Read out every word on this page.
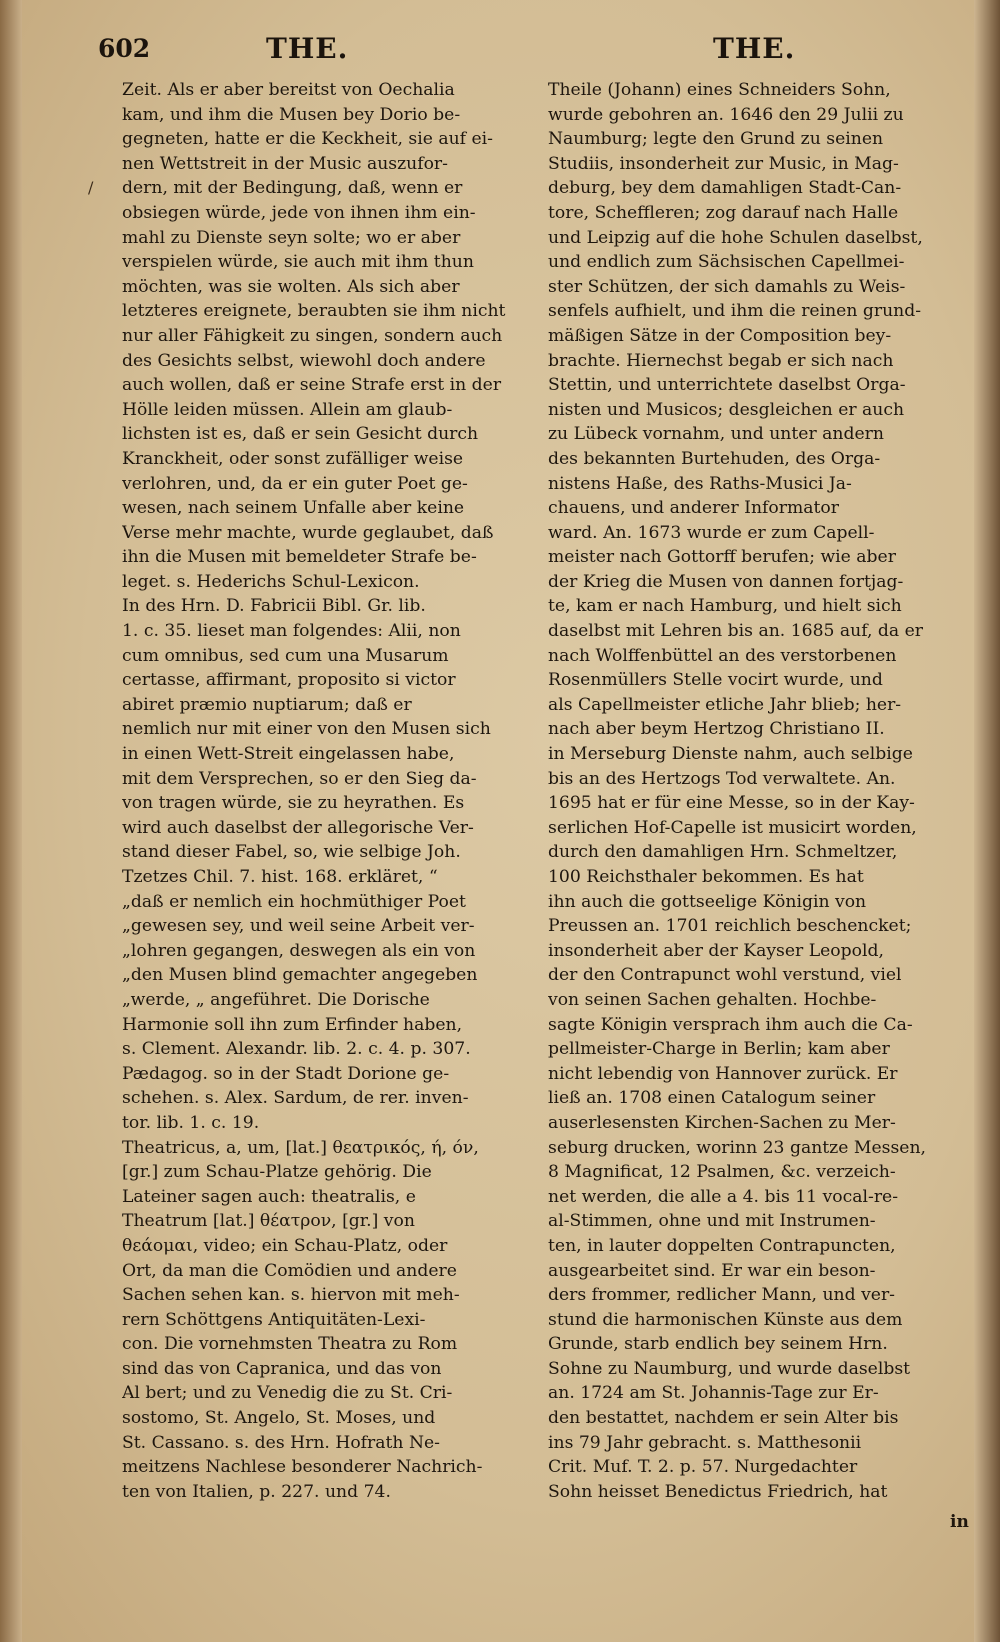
602	THE.	THE.
/
Zeit. Als er aber bereitst von Oechalia
kam, und ihm die Musen bey Dorio be-
gegneten, hatte er die Keckheit, sie auf ei-
nen Wettstreit in der Music auszufor-
dern, mit der Bedingung, daß, wenn er
obsiegen würde, jede von ihnen ihm ein-
mahl zu Dienste seyn solte; wo er aber
verspielen würde, sie auch mit ihm thun
möchten, was sie wolten. Als sich aber
letzteres ereignete, beraubten sie ihm nicht
nur aller Fähigkeit zu singen, sondern auch
des Gesichts selbst, wiewohl doch andere
auch wollen, daß er seine Strafe erst in der
Hölle leiden müssen. Allein am glaub-
lichsten ist es, daß er sein Gesicht durch
Kranckheit, oder sonst zufälliger weise
verlohren, und, da er ein guter Poet ge-
wesen, nach seinem Unfalle aber keine
Verse mehr machte, wurde geglaubet, daß
ihn die Musen mit bemeldeter Strafe be-
leget. s. Hederichs Schul-Lexicon.
In des Hrn. D. Fabricii Bibl. Gr. lib.
1. c. 35. lieset man folgendes: Alii, non
cum omnibus, sed cum una Musarum
certasse, affirmant, proposito si victor
abiret præmio nuptiarum; daß er
nemlich nur mit einer von den Musen sich
in einen Wett-Streit eingelassen habe,
mit dem Versprechen, so er den Sieg da-
von tragen würde, sie zu heyrathen. Es
wird auch daselbst der allegorische Ver-
stand dieser Fabel, so, wie selbige Joh.
Tzetzes Chil. 7. hist. 168. erkläret, “
„daß er nemlich ein hochmüthiger Poet
„gewesen sey, und weil seine Arbeit ver-
„lohren gegangen, deswegen als ein von
„den Musen blind gemachter angegeben
„werde, „ angeführet. Die Dorische
Harmonie soll ihn zum Erfinder haben,
s. Clement. Alexandr. lib. 2. c. 4. p. 307.
Pædagog. so in der Stadt Dorione ge-
schehen. s. Alex. Sardum, de rer. inven-
tor. lib. 1. c. 19.
Theatricus, a, um, [lat.] θεατρικός, ή, όν,
[gr.] zum Schau-Platze gehörig. Die
Lateiner sagen auch: theatralis, e
Theatrum [lat.] θέατρον, [gr.] von
θεάομαι, video; ein Schau-Platz, oder
Ort, da man die Comödien und andere
Sachen sehen kan. s. hiervon mit meh-
rern Schöttgens Antiquitäten-Lexi-
con. Die vornehmsten Theatra zu Rom
sind das von Capranica, und das von
Al bert; und zu Venedig die zu St. Cri-
sostomo, St. Angelo, St. Moses, und
St. Cassano. s. des Hrn. Hofrath Ne-
meitzens Nachlese besonderer Nachrich-
ten von Italien, p. 227. und 74.
Theile (Johann) eines Schneiders Sohn,
wurde gebohren an. 1646 den 29 Julii zu
Naumburg; legte den Grund zu seinen
Studiis, insonderheit zur Music, in Mag-
deburg, bey dem damahligen Stadt-Can-
tore, Scheffleren; zog darauf nach Halle
und Leipzig auf die hohe Schulen daselbst,
und endlich zum Sächsischen Capellmei-
ster Schützen, der sich damahls zu Weis-
senfels aufhielt, und ihm die reinen grund-
mäßigen Sätze in der Composition bey-
brachte. Hiernechst begab er sich nach
Stettin, und unterrichtete daselbst Orga-
nisten und Musicos; desgleichen er auch
zu Lübeck vornahm, und unter andern
des bekannten Burtehuden, des Orga-
nistens Haße, des Raths-Musici Ja-
chauens, und anderer Informator
ward. An. 1673 wurde er zum Capell-
meister nach Gottorff berufen; wie aber
der Krieg die Musen von dannen fortjag-
te, kam er nach Hamburg, und hielt sich
daselbst mit Lehren bis an. 1685 auf, da er
nach Wolffenbüttel an des verstorbenen
Rosenmüllers Stelle vocirt wurde, und
als Capellmeister etliche Jahr blieb; her-
nach aber beym Hertzog Christiano II.
in Merseburg Dienste nahm, auch selbige
bis an des Hertzogs Tod verwaltete. An.
1695 hat er für eine Messe, so in der Kay-
serlichen Hof-Capelle ist musicirt worden,
durch den damahligen Hrn. Schmeltzer,
100 Reichsthaler bekommen. Es hat
ihn auch die gottseelige Königin von
Preussen an. 1701 reichlich beschencket;
insonderheit aber der Kayser Leopold,
der den Contrapunct wohl verstund, viel
von seinen Sachen gehalten. Hochbe-
sagte Königin versprach ihm auch die Ca-
pellmeister-Charge in Berlin; kam aber
nicht lebendig von Hannover zurück. Er
ließ an. 1708 einen Catalogum seiner
auserlesensten Kirchen-Sachen zu Mer-
seburg drucken, worinn 23 gantze Messen,
8 Magnificat, 12 Psalmen, &c. verzeich-
net werden, die alle a 4. bis 11 vocal-re-
al-Stimmen, ohne und mit Instrumen-
ten, in lauter doppelten Contrapuncten,
ausgearbeitet sind. Er war ein beson-
ders frommer, redlicher Mann, und ver-
stund die harmonischen Künste aus dem
Grunde, starb endlich bey seinem Hrn.
Sohne zu Naumburg, und wurde daselbst
an. 1724 am St. Johannis-Tage zur Er-
den bestattet, nachdem er sein Alter bis
ins 79 Jahr gebracht. s. Matthesonii
Crit. Muf. T. 2. p. 57. Nurgedachter
Sohn heisset Benedictus Friedrich, hat
in
